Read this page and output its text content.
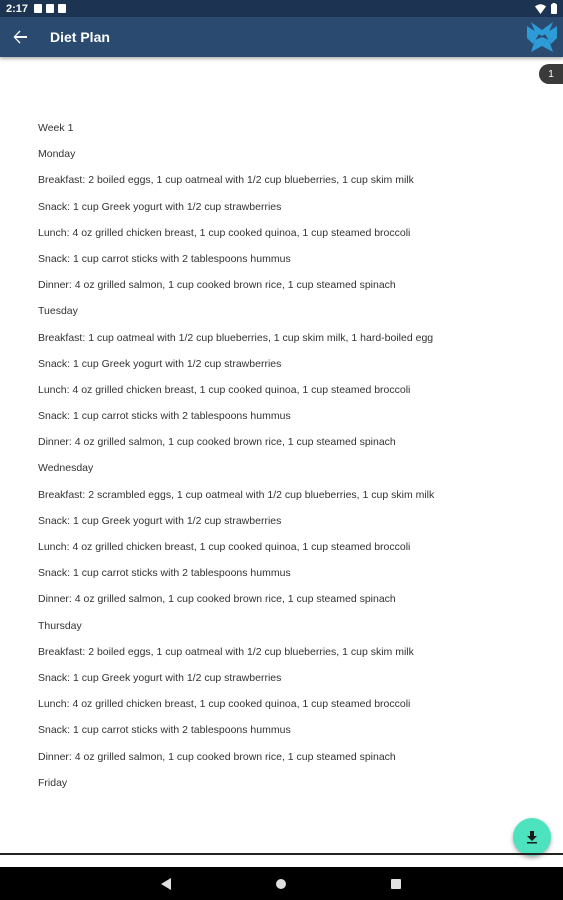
2:17
Diet Plan
1
Week 1
Monday
Breakfast: 2 boiled eggs, 1 cup oatmeal with 1/2 cup blueberries, 1 cup skim milk
Snack: 1 cup Greek yogurt with 1/2 cup strawberries
Lunch: 4 oz grilled chicken breast, 1 cup cooked quinoa, 1 cup steamed broccoli
Snack: 1 cup carrot sticks with 2 tablespoons hummus
Dinner: 4 oz grilled salmon, 1 cup cooked brown rice, 1 cup steamed spinach
Tuesday
Breakfast: 1 cup oatmeal with 1/2 cup blueberries, 1 cup skim milk, 1 hard-boiled egg
Snack: 1 cup Greek yogurt with 1/2 cup strawberries
Lunch: 4 oz grilled chicken breast, 1 cup cooked quinoa, 1 cup steamed broccoli
Snack: 1 cup carrot sticks with 2 tablespoons hummus
Dinner: 4 oz grilled salmon, 1 cup cooked brown rice, 1 cup steamed spinach
Wednesday
Breakfast: 2 scrambled eggs, 1 cup oatmeal with 1/2 cup blueberries, 1 cup skim milk
Snack: 1 cup Greek yogurt with 1/2 cup strawberries
Lunch: 4 oz grilled chicken breast, 1 cup cooked quinoa, 1 cup steamed broccoli
Snack: 1 cup carrot sticks with 2 tablespoons hummus
Dinner: 4 oz grilled salmon, 1 cup cooked brown rice, 1 cup steamed spinach
Thursday
Breakfast: 2 boiled eggs, 1 cup oatmeal with 1/2 cup blueberries, 1 cup skim milk
Snack: 1 cup Greek yogurt with 1/2 cup strawberries
Lunch: 4 oz grilled chicken breast, 1 cup cooked quinoa, 1 cup steamed broccoli
Snack: 1 cup carrot sticks with 2 tablespoons hummus
Dinner: 4 oz grilled salmon, 1 cup cooked brown rice, 1 cup steamed spinach
Friday
